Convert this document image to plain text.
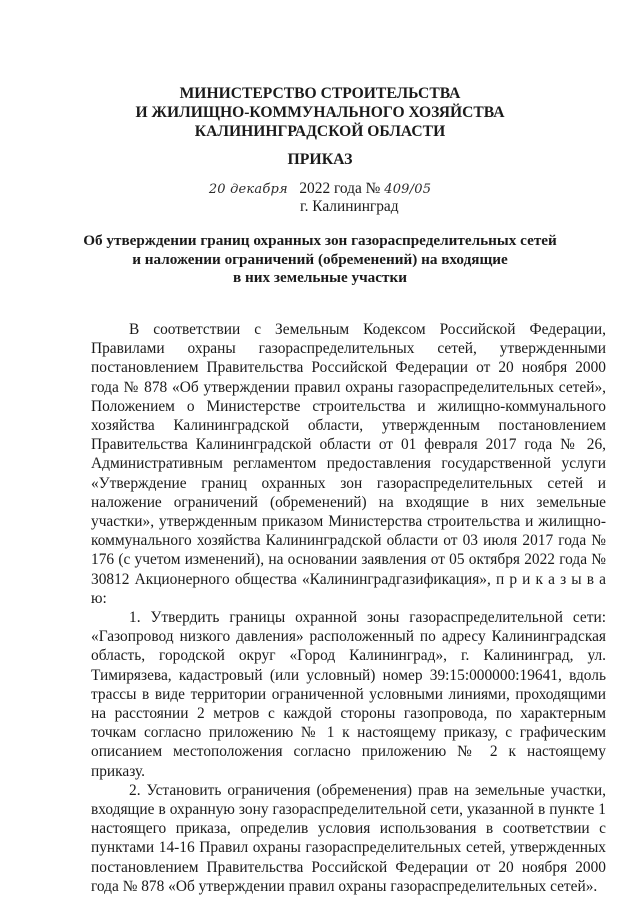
МИНИСТЕРСТВО СТРОИТЕЛЬСТВА
И ЖИЛИЩНО-КОММУНАЛЬНОГО ХОЗЯЙСТВА
КАЛИНИНГРАДСКОЙ ОБЛАСТИ
ПРИКАЗ
20 декабря 2022 года № 409/05
г. Калининград
Об утверждении границ охранных зон газораспределительных сетей
и наложении ограничений (обременений) на входящие
в них земельные участки

В соответствии с Земельным Кодексом Российской Федерации, Правилами охраны газораспределительных сетей, утвержденными постановлением Правительства Российской Федерации от 20 ноября 2000 года № 878 «Об утверждении правил охраны газораспределительных сетей», Положением о Министерстве строительства и жилищно-коммунального хозяйства Калининградской области, утвержденным постановлением Правительства Калининградской области от 01 февраля 2017 года № 26, Административным регламентом предоставления государственной услуги «Утверждение границ охранных зон газораспределительных сетей и наложение ограничений (обременений) на входящие в них земельные участки», утвержденным приказом Министерства строительства и жилищно-коммунального хозяйства Калининградской области от 03 июля 2017 года № 176 (с учетом изменений), на основании заявления от 05 октября 2022 года № 30812 Акционерного общества «Калининградгазификация», п р и к а з ы в а ю:

1. Утвердить границы охранной зоны газораспределительной сети: «Газопровод низкого давления» расположенный по адресу Калининградская область, городской округ «Город Калининград», г. Калининград, ул. Тимирязева, кадастровый (или условный) номер 39:15:000000:19641, вдоль трассы в виде территории ограниченной условными линиями, проходящими на расстоянии 2 метров с каждой стороны газопровода, по характерным точкам согласно приложению № 1 к настоящему приказу, с графическим описанием местоположения согласно приложению № 2 к настоящему приказу.

2. Установить ограничения (обременения) прав на земельные участки, входящие в охранную зону газораспределительной сети, указанной в пункте 1 настоящего приказа, определив условия использования в соответствии с пунктами 14-16 Правил охраны газораспределительных сетей, утвержденных постановлением Правительства Российской Федерации от 20 ноября 2000 года № 878 «Об утверждении правил охраны газораспределительных сетей».
